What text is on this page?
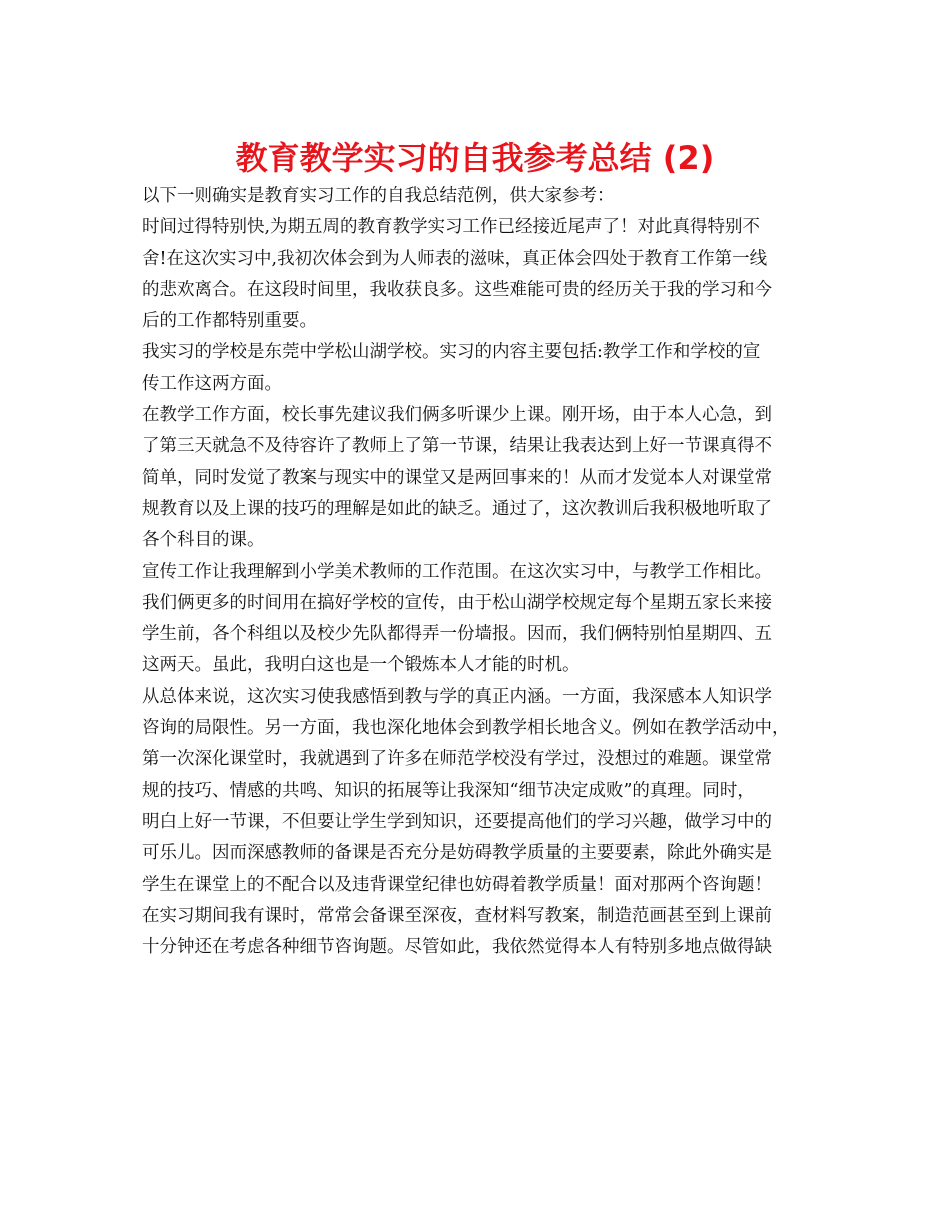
教育教学实习的自我参考总结 (2)
以下一则确实是教育实习工作的自我总结范例，供大家参考：
时间过得特别快,为期五周的教育教学实习工作已经接近尾声了！对此真得特别不
舍!在这次实习中,我初次体会到为人师表的滋味，真正体会四处于教育工作第一线
的悲欢离合。在这段时间里，我收获良多。这些难能可贵的经历关于我的学习和今
后的工作都特别重要。
我实习的学校是东莞中学松山湖学校。实习的内容主要包括:教学工作和学校的宣
传工作这两方面。
在教学工作方面，校长事先建议我们俩多听课少上课。刚开场，由于本人心急，到
了第三天就急不及待容许了教师上了第一节课，结果让我表达到上好一节课真得不
简单，同时发觉了教案与现实中的课堂又是两回事来的！从而才发觉本人对课堂常
规教育以及上课的技巧的理解是如此的缺乏。通过了，这次教训后我积极地听取了
各个科目的课。
宣传工作让我理解到小学美术教师的工作范围。在这次实习中，与教学工作相比。
我们俩更多的时间用在搞好学校的宣传，由于松山湖学校规定每个星期五家长来接
学生前，各个科组以及校少先队都得弄一份墙报。因而，我们俩特别怕星期四、五
这两天。虽此，我明白这也是一个锻炼本人才能的时机。
从总体来说，这次实习使我感悟到教与学的真正内涵。一方面，我深感本人知识学
咨询的局限性。另一方面，我也深化地体会到教学相长地含义。例如在教学活动中，
第一次深化课堂时，我就遇到了许多在师范学校没有学过，没想过的难题。课堂常
规的技巧、情感的共鸣、知识的拓展等让我深知“细节决定成败”的真理。同时，
明白上好一节课，不但要让学生学到知识，还要提高他们的学习兴趣，做学习中的
可乐儿。因而深感教师的备课是否充分是妨碍教学质量的主要要素，除此外确实是
学生在课堂上的不配合以及违背课堂纪律也妨碍着教学质量！面对那两个咨询题！
在实习期间我有课时，常常会备课至深夜，查材料写教案，制造范画甚至到上课前
十分钟还在考虑各种细节咨询题。尽管如此，我依然觉得本人有特别多地点做得缺
